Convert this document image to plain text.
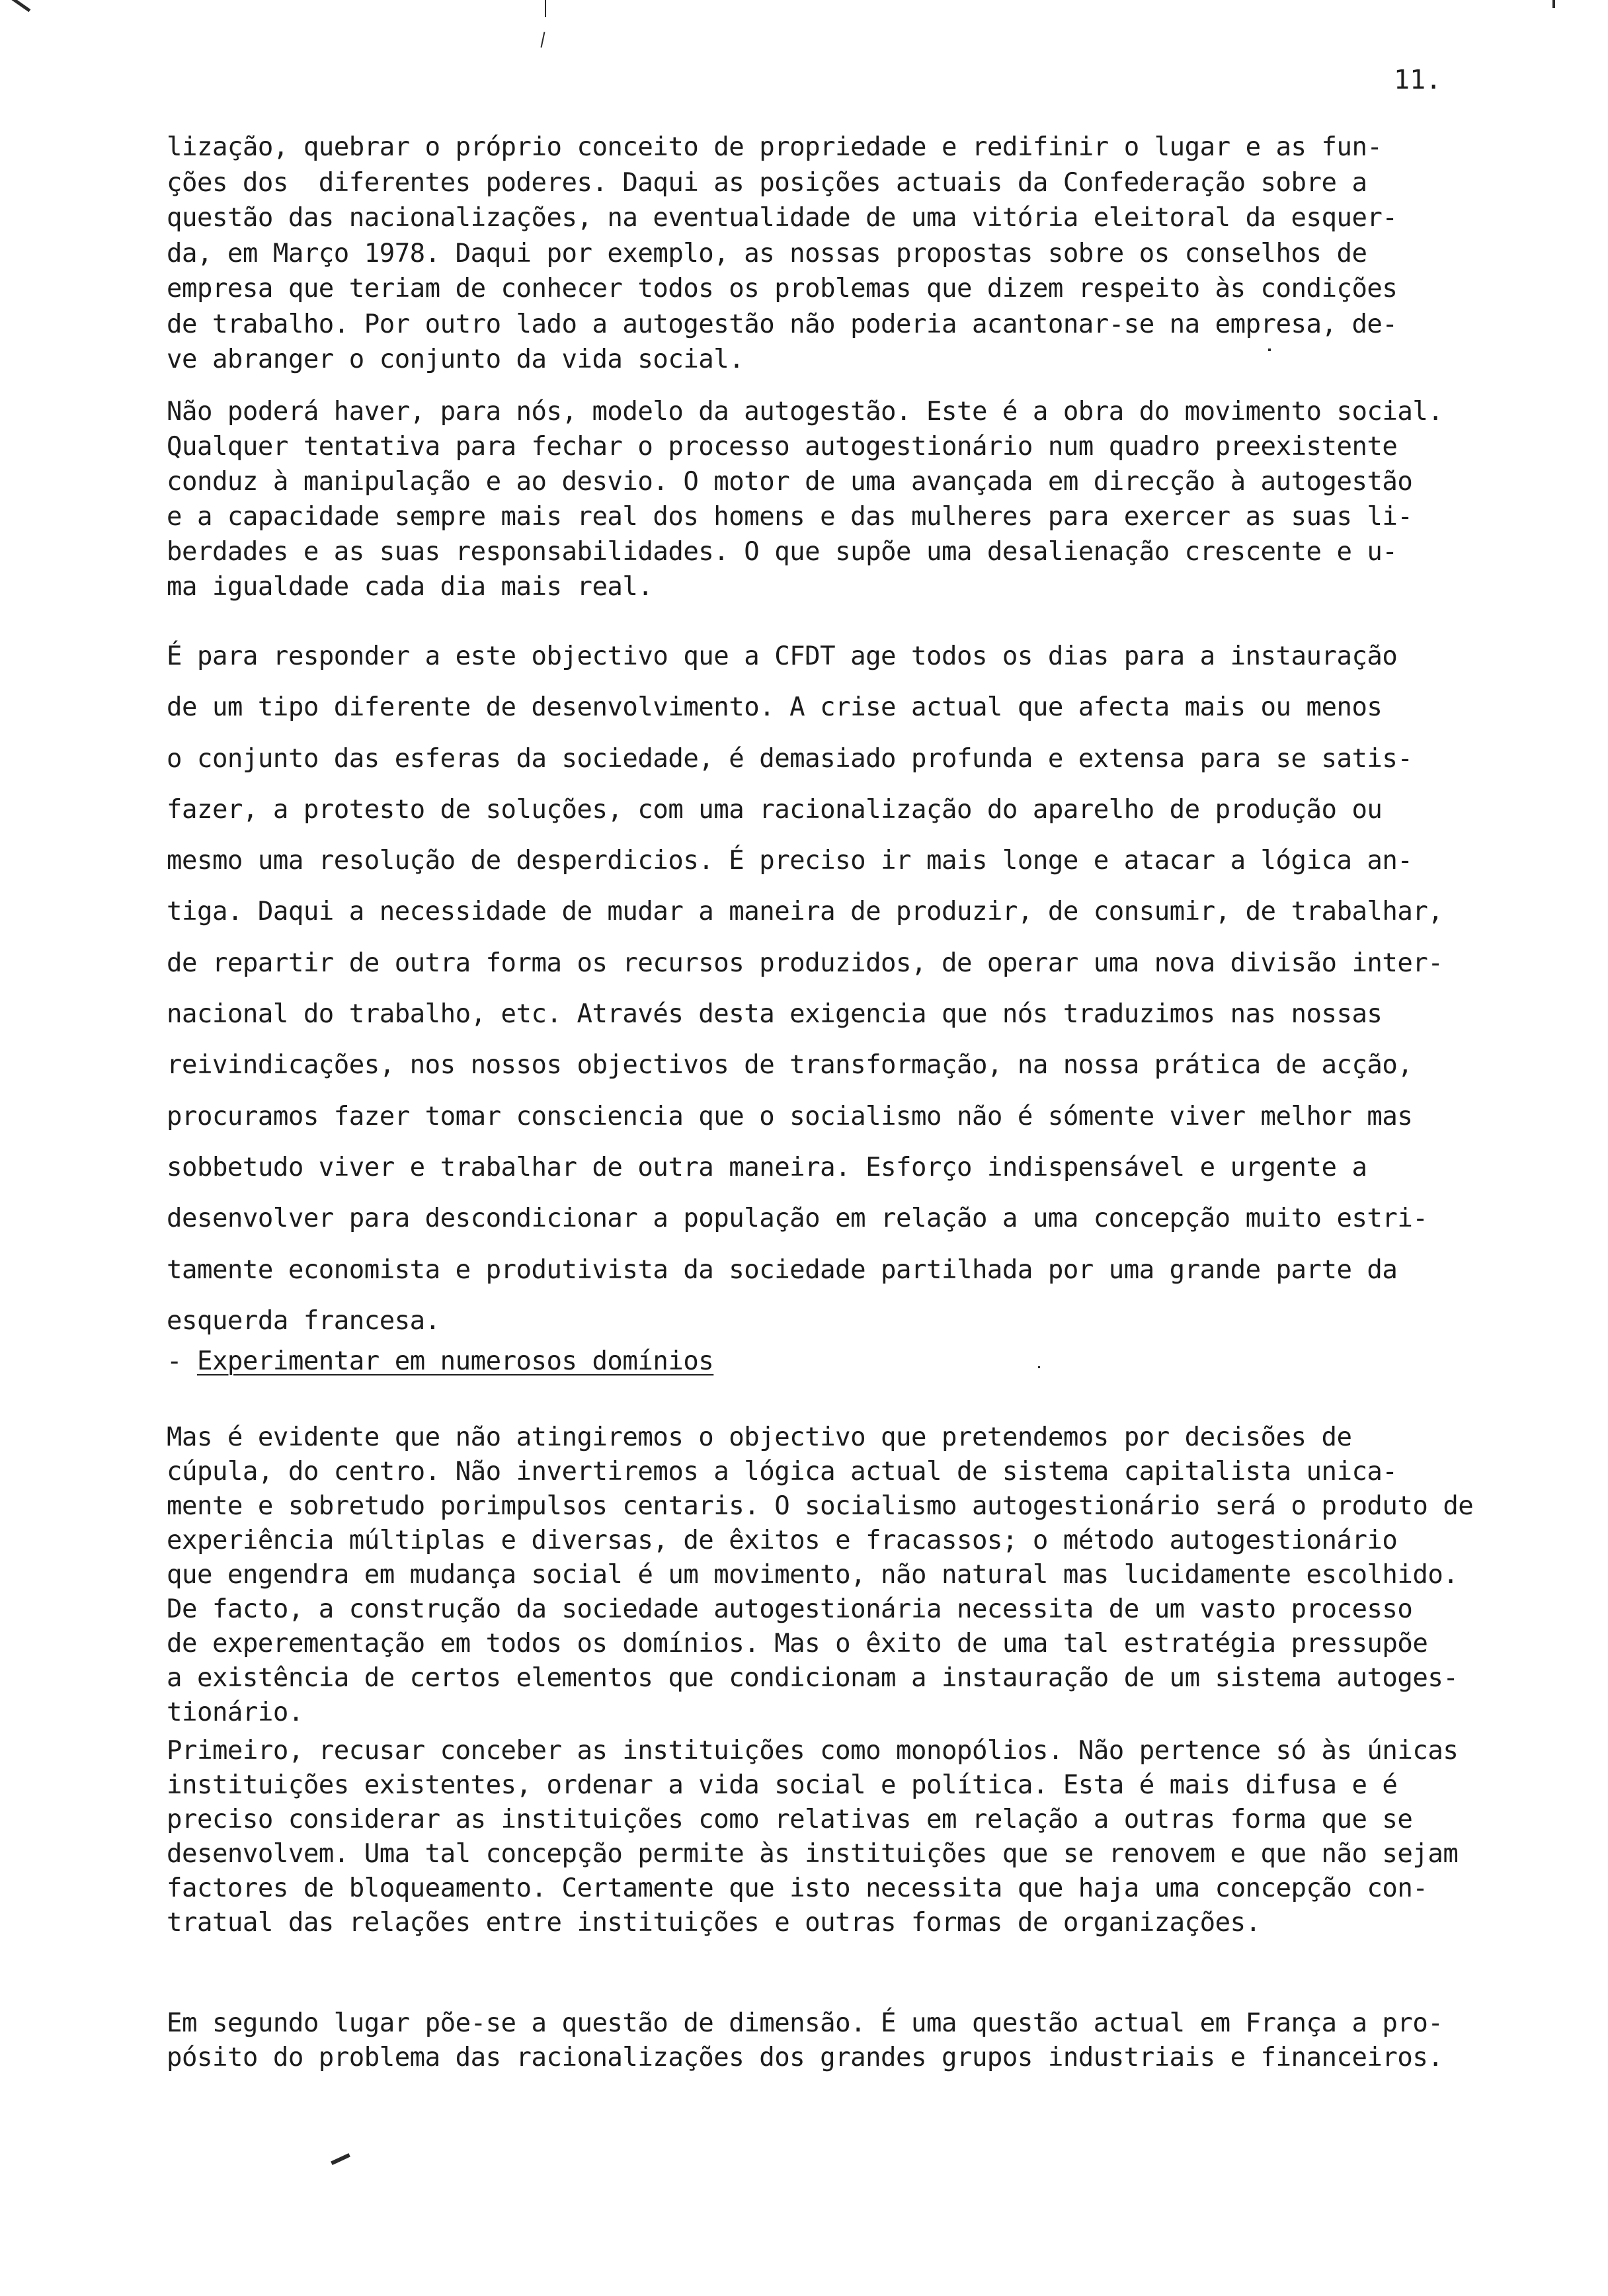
11.

lização, quebrar o próprio conceito de propriedade e redifinir o lugar e as fun-
ções dos  diferentes poderes. Daqui as posições actuais da Confederação sobre a
questão das nacionalizações, na eventualidade de uma vitória eleitoral da esquer-
da, em Março 1978. Daqui por exemplo, as nossas propostas sobre os conselhos de
empresa que teriam de conhecer todos os problemas que dizem respeito às condições
de trabalho. Por outro lado a autogestão não poderia acantonar-se na empresa, de-
ve abranger o conjunto da vida social.

Não poderá haver, para nós, modelo da autogestão. Este é a obra do movimento social.
Qualquer tentativa para fechar o processo autogestionário num quadro preexistente
conduz à manipulação e ao desvio. O motor de uma avançada em direcção à autogestão
e a capacidade sempre mais real dos homens e das mulheres para exercer as suas li-
berdades e as suas responsabilidades. O que supõe uma desalienação crescente e u-
ma igualdade cada dia mais real.

É para responder a este objectivo que a CFDT age todos os dias para a instauração
de um tipo diferente de desenvolvimento. A crise actual que afecta mais ou menos
o conjunto das esferas da sociedade, é demasiado profunda e extensa para se satis-
fazer, a protesto de soluções, com uma racionalização do aparelho de produção ou
mesmo uma resolução de desperdicios. É preciso ir mais longe e atacar a lógica an-
tiga. Daqui a necessidade de mudar a maneira de produzir, de consumir, de trabalhar,
de repartir de outra forma os recursos produzidos, de operar uma nova divisão inter-
nacional do trabalho, etc. Através desta exigencia que nós traduzimos nas nossas
reivindicações, nos nossos objectivos de transformação, na nossa prática de acção,
procuramos fazer tomar consciencia que o socialismo não é sómente viver melhor mas
sobbetudo viver e trabalhar de outra maneira. Esforço indispensável e urgente a
desenvolver para descondicionar a população em relação a uma concepção muito estri-
tamente economista e produtivista da sociedade partilhada por uma grande parte da
esquerda francesa.

- Experimentar em numerosos domínios

Mas é evidente que não atingiremos o objectivo que pretendemos por decisões de
cúpula, do centro. Não invertiremos a lógica actual de sistema capitalista unica-
mente e sobretudo porimpulsos centaris. O socialismo autogestionário será o produto de
experiência múltiplas e diversas, de êxitos e fracassos; o método autogestionário
que engendra em mudança social é um movimento, não natural mas lucidamente escolhido.
De facto, a construção da sociedade autogestionária necessita de um vasto processo
de experementação em todos os domínios. Mas o êxito de uma tal estratégia pressupõe
a existência de certos elementos que condicionam a instauração de um sistema autoges-
tionário.

Primeiro, recusar conceber as instituições como monopólios. Não pertence só às únicas
instituições existentes, ordenar a vida social e política. Esta é mais difusa e é
preciso considerar as instituições como relativas em relação a outras forma que se
desenvolvem. Uma tal concepção permite às instituições que se renovem e que não sejam
factores de bloqueamento. Certamente que isto necessita que haja uma concepção con-
tratual das relações entre instituições e outras formas de organizações.

Em segundo lugar põe-se a questão de dimensão. É uma questão actual em França a pro-
pósito do problema das racionalizações dos grandes grupos industriais e financeiros.
